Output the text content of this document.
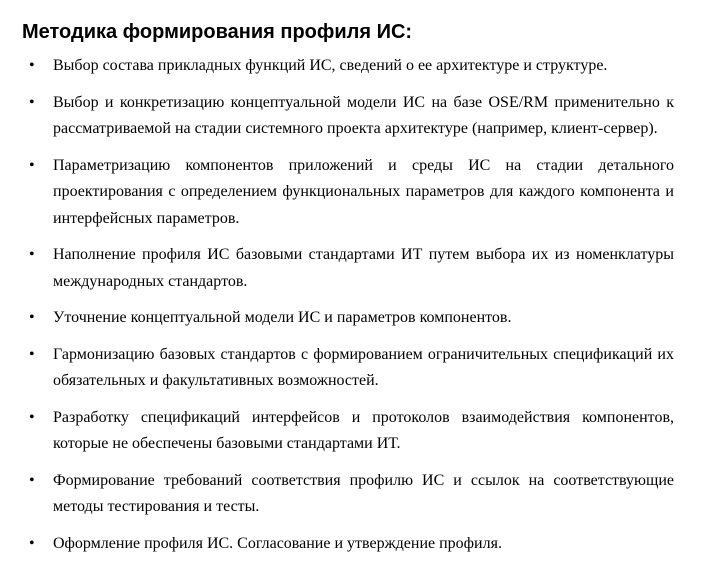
Методика формирования профиля ИС:
• Выбор состава прикладных функций ИС, сведений о ее архитектуре и структуре.
• Выбор и конкретизацию концептуальной модели ИС на базе OSE/RM применительно к рассматриваемой на стадии системного проекта архитектуре (например, клиент-сервер).
• Параметризацию компонентов приложений и среды ИС на стадии детального проектирования с определением функциональных параметров для каждого компонента и интерфейсных параметров.
• Наполнение профиля ИС базовыми стандартами ИТ путем выбора их из номенклатуры международных стандартов.
• Уточнение концептуальной модели ИС и параметров компонентов.
• Гармонизацию базовых стандартов с формированием ограничительных спецификаций их обязательных и факультативных возможностей.
• Разработку спецификаций интерфейсов и протоколов взаимодействия компонентов, которые не обеспечены базовыми стандартами ИТ.
• Формирование требований соответствия профилю ИС и ссылок на соответствующие методы тестирования и тесты.
• Оформление профиля ИС. Согласование и утверждение профиля.
